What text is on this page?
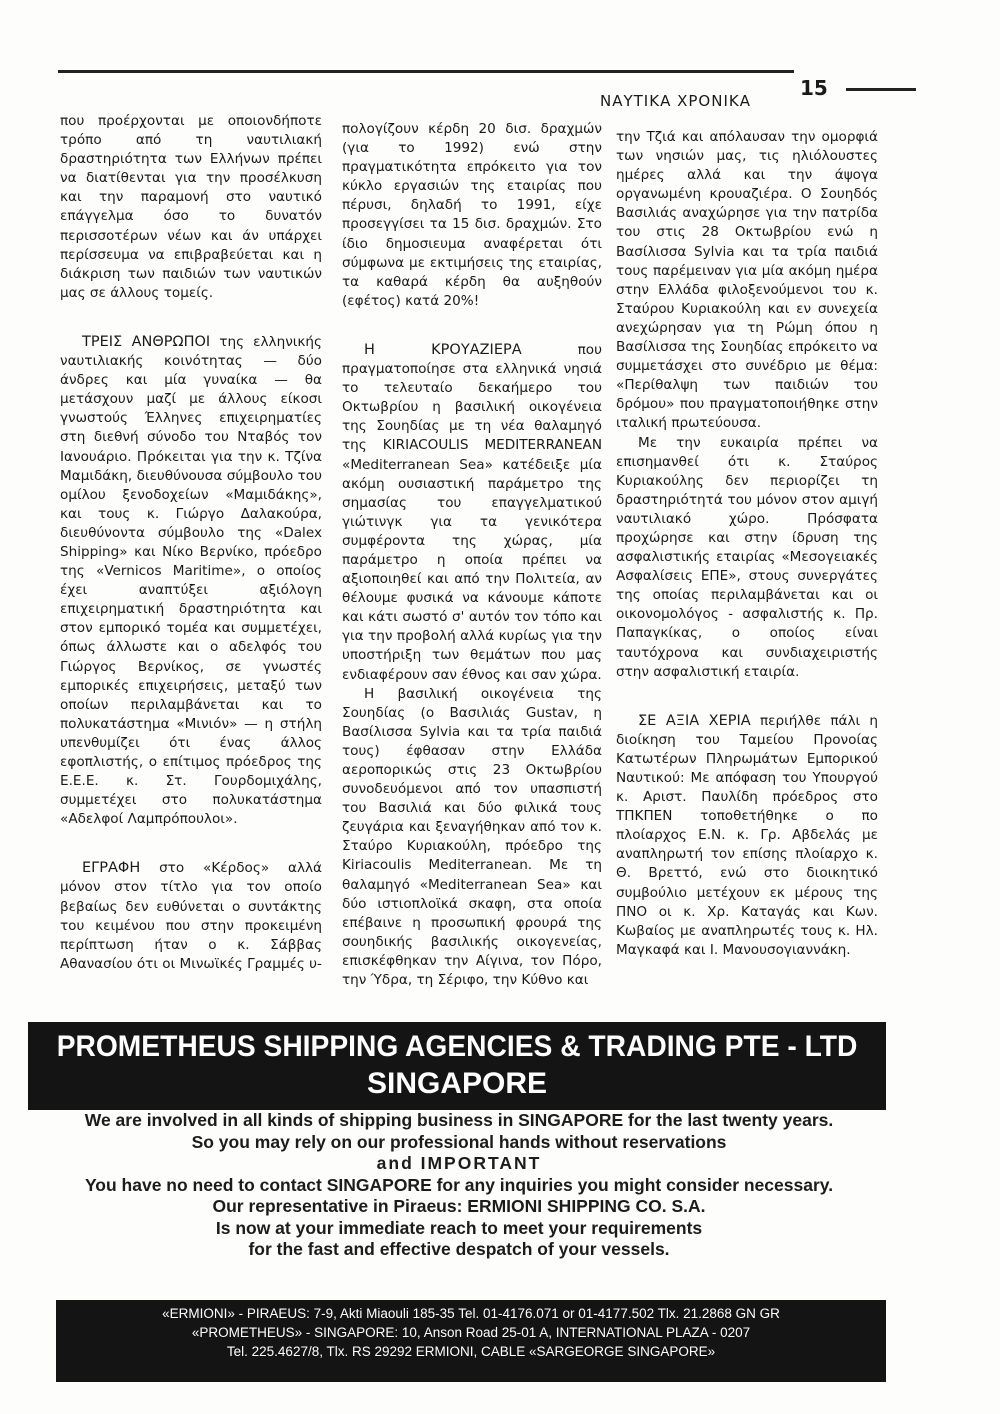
ΝΑΥΤΙΚΑ ΧΡΟΝΙΚΑ
15

που προέρχονται με οποιονδήποτε τρόπο από τη ναυτιλιακή δραστηριότητα των Ελλήνων πρέπει να διατίθενται για την προσέλκυση και την παραμονή στο ναυτικό επάγγελμα όσο το δυνατόν περισσοτέρων νέων και άν υπάρχει περίσσευμα να επιβραβεύεται και η διάκριση των παιδιών των ναυτικών μας σε άλλους τομείς.

ΤΡΕΙΣ ΑΝΘΡΩΠΟΙ της ελληνικής ναυτιλιακής κοινότητας — δύο άνδρες και μία γυναίκα — θα μετάσχουν μαζί με άλλους είκοσι γνωστούς Έλληνες επιχειρηματίες στη διεθνή σύνοδο του Νταβός τον Ιανουάριο. Πρόκειται για την κ. Τζίνα Μαμιδάκη, διευθύνουσα σύμβουλο του ομίλου ξενοδοχείων «Μαμιδάκης», και τους κ. Γιώργο Δαλακούρα, διευθύνοντα σύμβουλο της «Dalex Shipping» και Νίκο Βερνίκο, πρόεδρο της «Vernicos Maritime», ο οποίος έχει αναπτύξει αξιόλογη επιχειρηματική δραστηριότητα και στον εμπορικό τομέα και συμμετέχει, όπως άλλωστε και ο αδελφός του Γιώργος Βερνίκος, σε γνωστές εμπορικές επιχειρήσεις, μεταξύ των οποίων περιλαμβάνεται και το πολυκατάστημα «Μινιόν» — η στήλη υπενθυμίζει ότι ένας άλλος εφοπλιστής, ο επίτιμος πρόεδρος της Ε.Ε.Ε. κ. Στ. Γουρδομιχάλης, συμμετέχει στο πολυκατάστημα «Αδελφοί Λαμπρόπουλοι».

ΕΓΡΑΦΗ στο «Κέρδος» αλλά μόνον στον τίτλο για τον οποίο βεβαίως δεν ευθύνεται ο συντάκτης του κειμένου που στην προκειμένη περίπτωση ήταν ο κ. Σάββας Αθανασίου ότι οι Μινωϊκές Γραμμές υ-

πολογίζουν κέρδη 20 δισ. δραχμών (για το 1992) ενώ στην πραγματικότητα επρόκειτο για τον κύκλο εργασιών της εταιρίας που πέρυσι, δηλαδή το 1991, είχε προσεγγίσει τα 15 δισ. δραχμών. Στο ίδιο δημοσιευμα αναφέρεται ότι σύμφωνα με εκτιμήσεις της εταιρίας, τα καθαρά κέρδη θα αυξηθούν (εφέτος) κατά 20%!

Η ΚΡΟΥΑΖΙΕΡΑ που πραγματοποίησε στα ελληνικά νησιά το τελευταίο δεκαήμερο του Οκτωβρίου η βασιλική οικογένεια της Σουηδίας με τη νέα θαλαμηγό της KIRIACOULIS MEDITERRANEAN «Mediterranean Sea» κατέδειξε μία ακόμη ουσιαστική παράμετρο της σημασίας του επαγγελματικού γιώτινγκ για τα γενικότερα συμφέροντα της χώρας, μία παράμετρο η οποία πρέπει να αξιοποιηθεί και από την Πολιτεία, αν θέλουμε φυσικά να κάνουμε κάποτε και κάτι σωστό σ' αυτόν τον τόπο και για την προβολή αλλά κυρίως για την υποστήριξη των θεμάτων που μας ενδιαφέρουν σαν έθνος και σαν χώρα.

Η βασιλική οικογένεια της Σουηδίας (ο Βασιλιάς Gustav, η Βασίλισσα Sylvia και τα τρία παιδιά τους) έφθασαν στην Ελλάδα αεροπορικώς στις 23 Οκτωβρίου συνοδευόμενοι από τον υπασπιστή του Βασιλιά και δύο φιλικά τους ζευγάρια και ξεναγήθηκαν από τον κ. Σταύρο Κυριακούλη, πρόεδρο της Kiriacoulis Mediterranean. Με τη θαλαμηγό «Mediterranean Sea» και δύο ιστιοπλοϊκά σκαφη, στα οποία επέβαινε η προσωπική φρουρά της σουηδικής βασιλικής οικογενείας, επισκέφθηκαν την Αίγινα, τον Πόρο, την Ύδρα, τη Σέριφο, την Κύθνο και

την Τζιά και απόλαυσαν την ομορφιά των νησιών μας, τις ηλιόλουστες ημέρες αλλά και την άψογα οργανωμένη κρουαζιέρα. Ο Σουηδός Βασιλιάς αναχώρησε για την πατρίδα του στις 28 Οκτωβρίου ενώ η Βασίλισσα Sylvia και τα τρία παιδιά τους παρέμειναν για μία ακόμη ημέρα στην Ελλάδα φιλοξενούμενοι του κ. Σταύρου Κυριακούλη και εν συνεχεία ανεχώρησαν για τη Ρώμη όπου η Βασίλισσα της Σουηδίας επρόκειτο να συμμετάσχει στο συνέδριο με θέμα: «Περίθαλψη των παιδιών του δρόμου» που πραγματοποιήθηκε στην ιταλική πρωτεύουσα.

Με την ευκαιρία πρέπει να επισημανθεί ότι κ. Σταύρος Κυριακούλης δεν περιορίζει τη δραστηριότητά του μόνον στον αμιγή ναυτιλιακό χώρο. Πρόσφατα προχώρησε και στην ίδρυση της ασφαλιστικής εταιρίας «Μεσογειακές Ασφαλίσεις ΕΠΕ», στους συνεργάτες της οποίας περιλαμβάνεται και οι οικονομολόγος - ασφαλιστής κ. Πρ. Παπαγκίκας, ο οποίος είναι ταυτόχρονα και συνδιαχειριστής στην ασφαλιστική εταιρία.

ΣΕ ΑΞΙΑ ΧΕΡΙΑ περιήλθε πάλι η διοίκηση του Ταμείου Προνοίας Κατωτέρων Πληρωμάτων Εμπορικού Ναυτικού: Με απόφαση του Υπουργού κ. Αριστ. Παυλίδη πρόεδρος στο ΤΠΚΠΕΝ τοποθετήθηκε ο πο πλοίαρχος Ε.Ν. κ. Γρ. Αβδελάς με αναπληρωτή τον επίσης πλοίαρχο κ. Θ. Βρεττό, ενώ στο διοικητικό συμβούλιο μετέχουν εκ μέρους της ΠΝΟ οι κ. Χρ. Καταγάς και Κων. Κωβαίος με αναπληρωτές τους κ. Ηλ. Μαγκαφά και Ι. Μανουσογιαννάκη.

PROMETHEUS SHIPPING AGENCIES & TRADING PTE - LTD
SINGAPORE
We are involved in all kinds of shipping business in SINGAPORE for the last twenty years.
So you may rely on our professional hands without reservations
and IMPORTANT
You have no need to contact SINGAPORE for any inquiries you might consider necessary.
Our representative in Piraeus: ERMIONI SHIPPING CO. S.A.
Is now at your immediate reach to meet your requirements
for the fast and effective despatch of your vessels.
«ERMIONI» - PIRAEUS: 7-9, Akti Miaouli 185-35 Tel. 01-4176.071 or 01-4177.502 Tlx. 21.2868 GN GR
«PROMETHEUS» - SINGAPORE: 10, Anson Road 25-01 A, INTERNATIONAL PLAZA - 0207
Tel. 225.4627/8, Tlx. RS 29292 ERMIONI, CABLE «SARGEORGE SINGAPORE»
